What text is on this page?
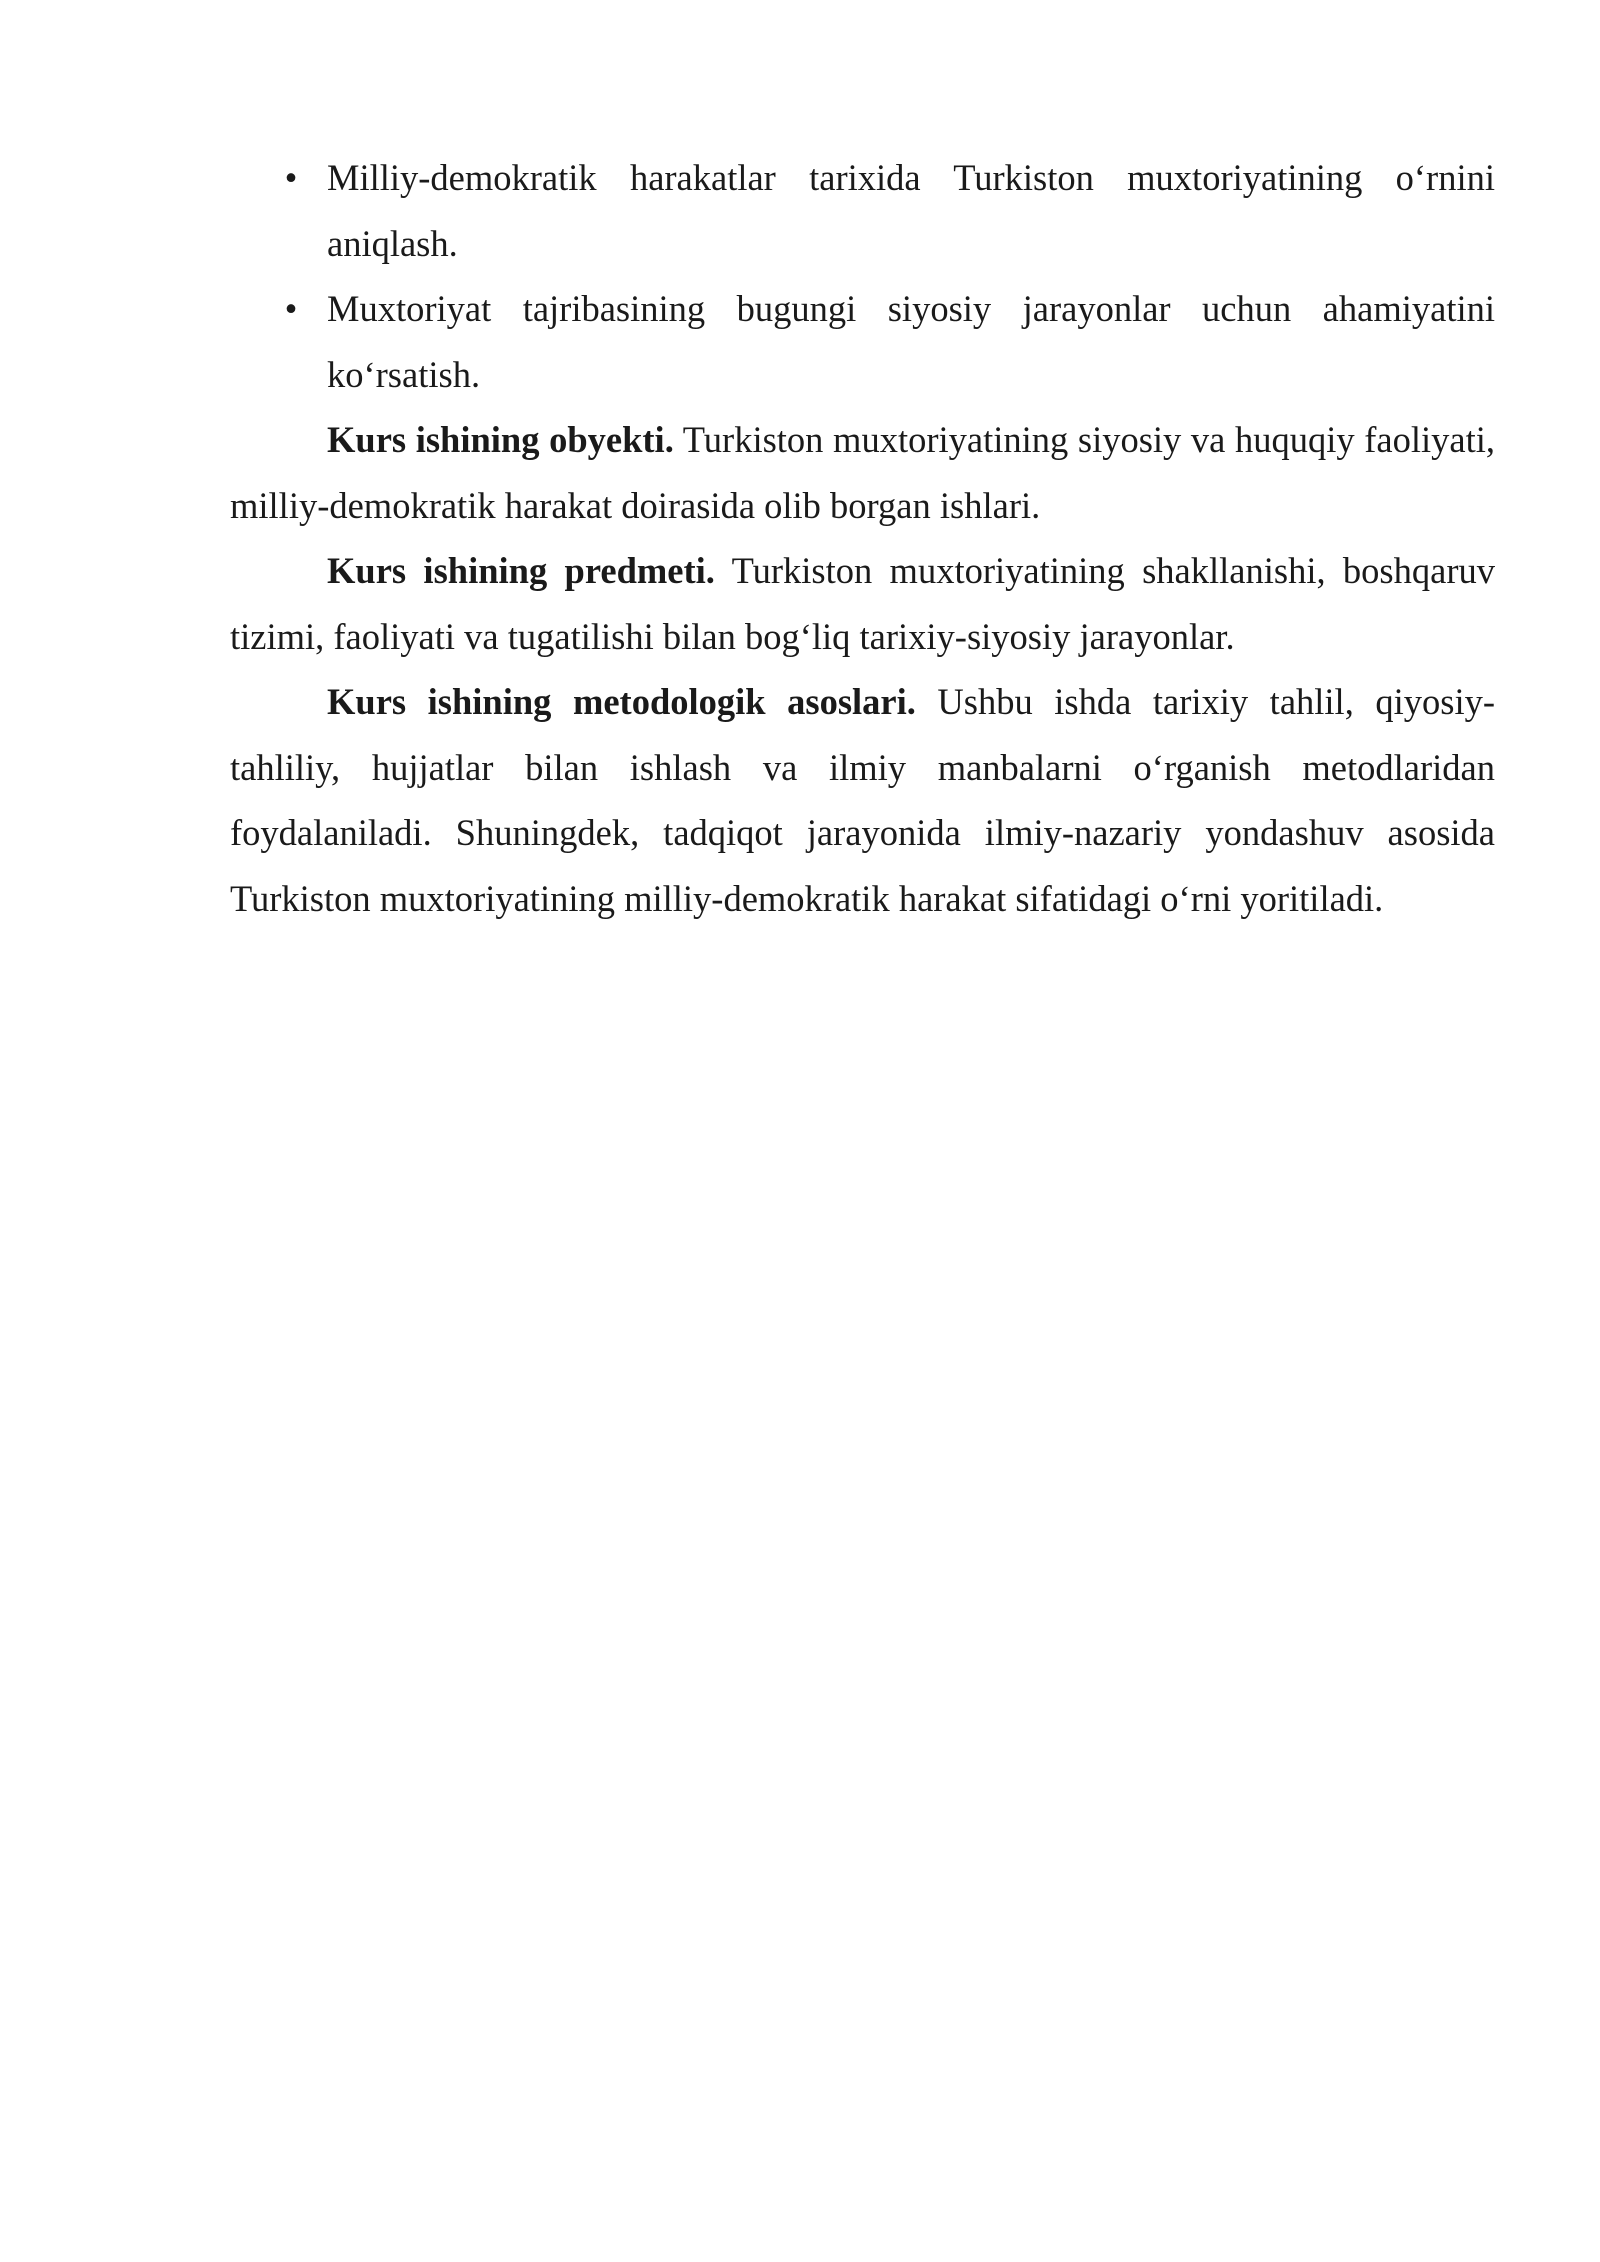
• Milliy-demokratik harakatlar tarixida Turkiston muxtoriyatining o‘rnini aniqlash.
• Muxtoriyat tajribasining bugungi siyosiy jarayonlar uchun ahamiyatini ko‘rsatish.

Kurs ishining obyekti. Turkiston muxtoriyatining siyosiy va huquqiy faoliyati, milliy-demokratik harakat doirasida olib borgan ishlari.

Kurs ishining predmeti. Turkiston muxtoriyatining shakllanishi, boshqaruv tizimi, faoliyati va tugatilishi bilan bog‘liq tarixiy-siyosiy jarayonlar.

Kurs ishining metodologik asoslari. Ushbu ishda tarixiy tahlil, qiyosiy-tahliliy, hujjatlar bilan ishlash va ilmiy manbalarni o‘rganish metodlaridan foydalaniladi. Shuningdek, tadqiqot jarayonida ilmiy-nazariy yondashuv asosida Turkiston muxtoriyatining milliy-demokratik harakat sifatidagi o‘rni yoritiladi.
